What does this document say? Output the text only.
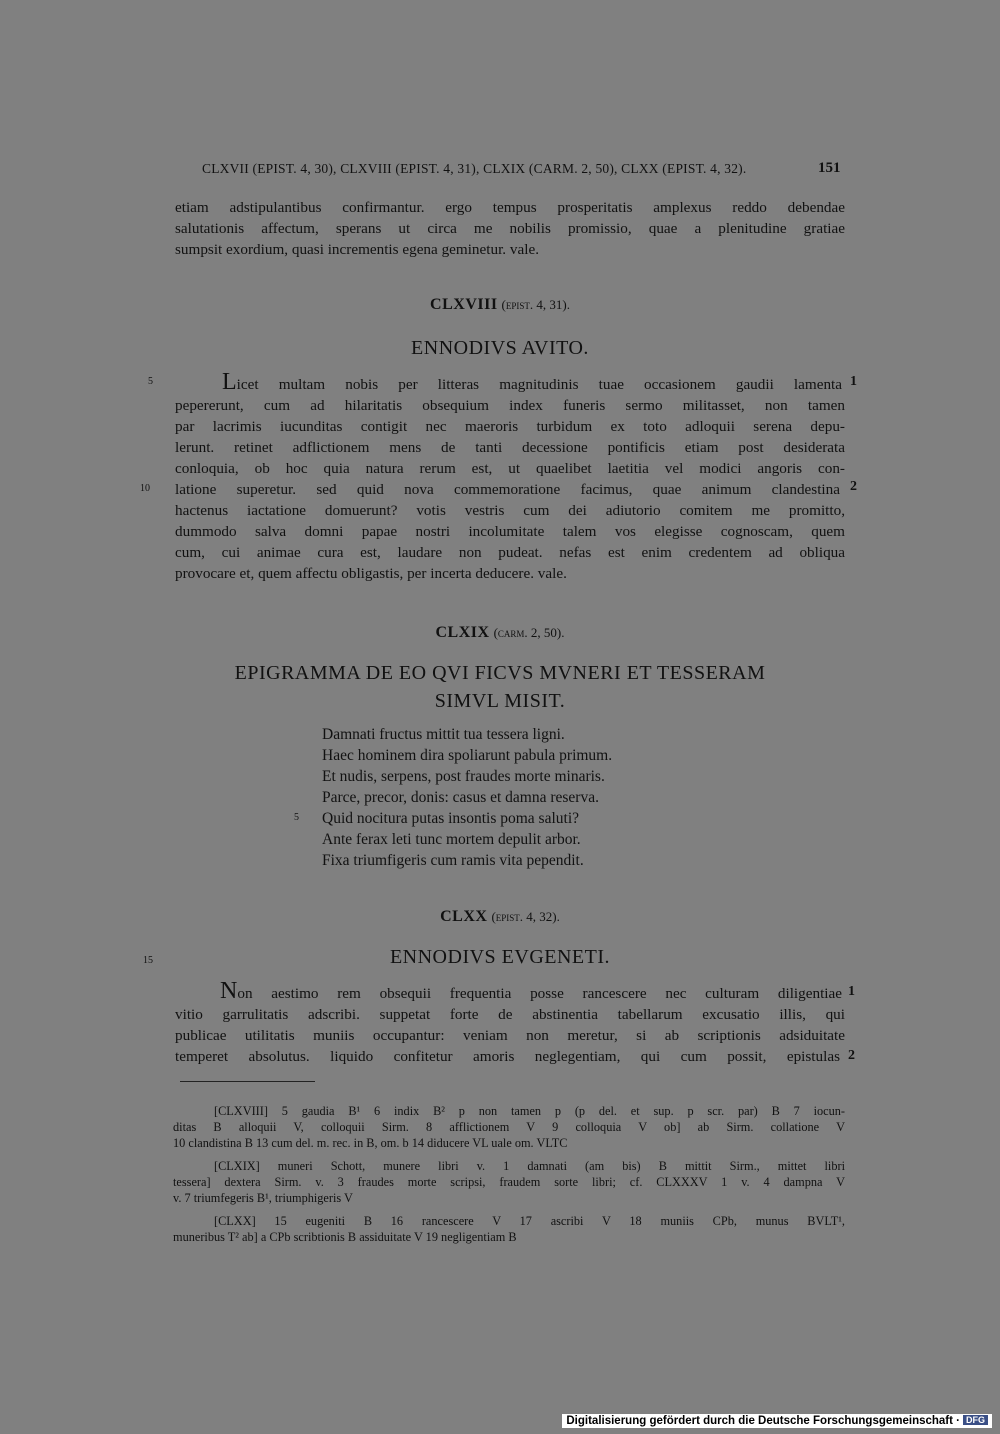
CLXVII (EPIST. 4, 30), CLXVIII (EPIST. 4, 31), CLXIX (CARM. 2, 50), CLXX (EPIST. 4, 32).	151
etiam adstipulantibus confirmantur. ergo tempus prosperitatis amplexus reddo debendae
salutationis affectum, sperans ut circa me nobilis promissio, quae a plenitudine gratiae
sumpsit exordium, quasi incrementis egena geminetur. vale.
CLXVIII (epist. 4, 31).
ENNODIVS AVITO.
Licet multam nobis per litteras magnitudinis tuae occasionem gaudii lamenta
pepererunt, cum ad hilaritatis obsequium index funeris sermo militasset, non tamen
par lacrimis iucunditas contigit nec maeroris turbidum ex toto adloquii serena depu-
lerunt. retinet adflictionem mens de tanti decessione pontificis etiam post desiderata
conloquia, ob hoc quia natura rerum est, ut quaelibet laetitia vel modici angoris con-
latione superetur. sed quid nova commemoratione facimus, quae animum clandestina
hactenus iactatione domuerunt? votis vestris cum dei adiutorio comitem me promitto,
dummodo salva domni papae nostri incolumitate talem vos elegisse cognoscam, quem
cum, cui animae cura est, laudare non pudeat. nefas est enim credentem ad obliqua
provocare et, quem affectu obligastis, per incerta deducere. vale.
5
10
1
2
CLXIX (carm. 2, 50).
EPIGRAMMA DE EO QVI FICVS MVNERI ET TESSERAM
SIMVL MISIT.
Damnati fructus mittit tua tessera ligni.
Haec hominem dira spoliarunt pabula primum.
Et nudis, serpens, post fraudes morte minaris.
Parce, precor, donis: casus et damna reserva.
Quid nocitura putas insontis poma saluti?
Ante ferax leti tunc mortem depulit arbor.
Fixa triumfigeris cum ramis vita pependit.
5
CLXX (epist. 4, 32).
ENNODIVS EVGENETI.
15
Non aestimo rem obsequii frequentia posse rancescere nec culturam diligentiae
vitio garrulitatis adscribi. suppetat forte de abstinentia tabellarum excusatio illis, qui
publicae utilitatis muniis occupantur: veniam non meretur, si ab scriptionis adsiduitate
temperet absolutus. liquido confitetur amoris neglegentiam, qui cum possit, epistulas
1
2
[CLXVIII] 5 gaudia B¹ 6 indix B² p non tamen p (p del. et sup. p scr. par) B 7 iocun-
ditas B alloquii V, colloquii Sirm. 8 afflictionem V 9 colloquia V ob] ab Sirm. collatione V
10 clandistina B 13 cum del. m. rec. in B, om. b 14 diducere VL uale om. VLTC
[CLXIX] muneri Schott, munere libri v. 1 damnati (am bis) B mittit Sirm., mittet libri
tessera] dextera Sirm. v. 3 fraudes morte scripsi, fraudem sorte libri; cf. CLXXXV 1 v. 4 dampna V
v. 7 triumfegeris B¹, triumphigeris V
[CLXX] 15 eugeniti B 16 rancescere V 17 ascribi V 18 muniis CPb, munus BVLT¹,
muneribus T² ab] a CPb scribtionis B assiduitate V 19 negligentiam B
Digitalisierung gefördert durch die Deutsche Forschungsgemeinschaft · DFG
